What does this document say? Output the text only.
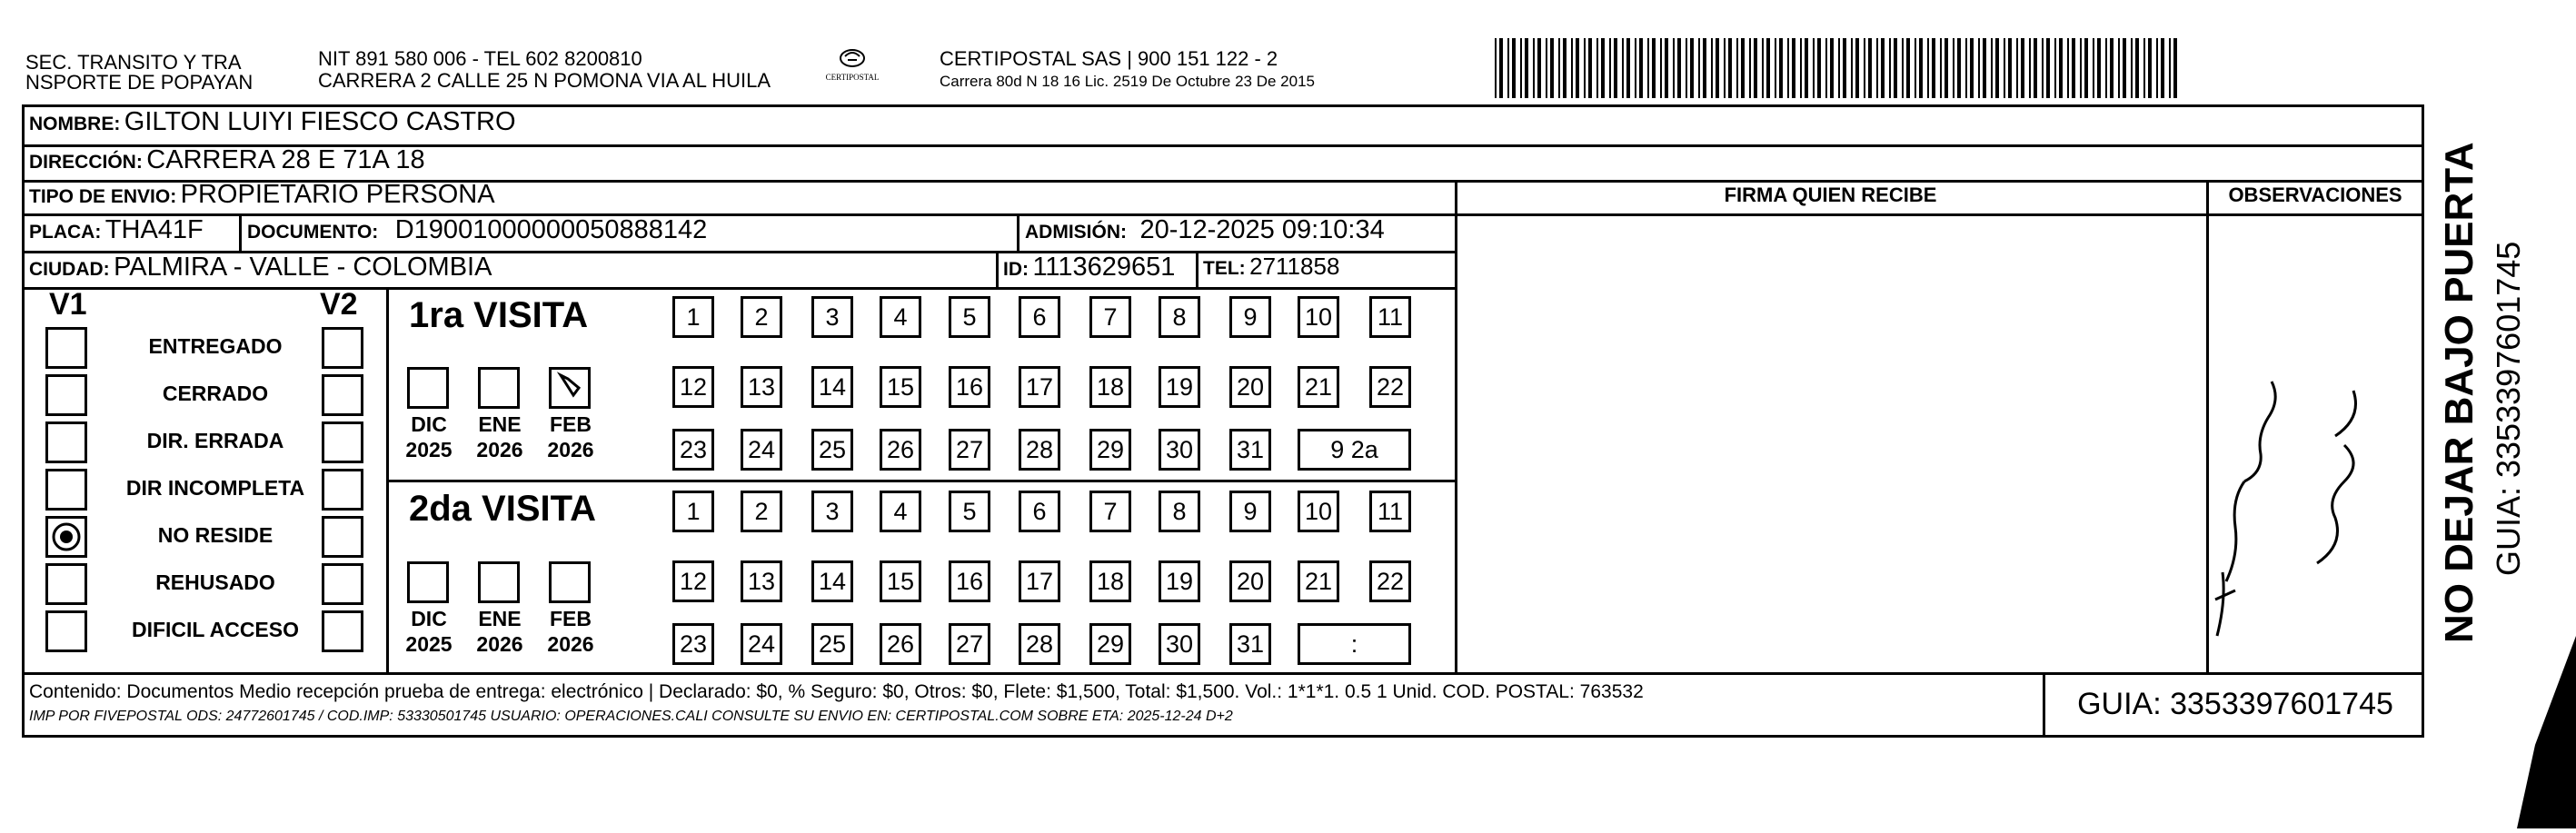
SEC. TRANSITO Y TRA
NSPORTE DE POPAYAN
NIT 891 580 006 - TEL 602 8200810
CARRERA 2 CALLE 25 N POMONA VIA AL HUILA	CERTIPOSTAL
CERTIPOSTAL SAS | 900 151 122 - 2
Carrera 80d N 18 16 Lic. 2519 De Octubre 23 De 2015
NOMBRE: GILTON LUIYI FIESCO CASTRO
DIRECCIÓN: CARRERA 28 E 71A 18
TIPO DE ENVIO: PROPIETARIO PERSONA	FIRMA QUIEN RECIBE	OBSERVACIONES
PLACA: THA41F DOCUMENTO: D19001000000050888142	ADMISIÓN: 20-12-2025 09:10:34
CIUDAD: PALMIRA - VALLE - COLOMBIA	ID: 1113629651 TEL: 2711858
V1	V2
ENTREGADO
CERRADO
DIR. ERRADA
DIR INCOMPLETA
NO RESIDE
REHUSADO
DIFICIL ACCESO
1ra VISITA
2da VISITA
DIC
2025
ENE
2026
FEB
2026
1	2	3	4	5	6	7	8	9	10	11
12 13 14 15 16 17 18 19 20 21 22
23 24 25 26 27 28 29 30 31	9 2a
DIC
2025
ENE
2026
FEB
2026
1	2	3	4	5	6	7	8	9	10	11
12 13 14 15 16 17 18 19 20 21 22
23 24 25 26 27 28 29 30 31	:
Nolo - Uosp
Contenido: Documentos Medio recepción prueba de entrega: electrónico | Declarado: $0, % Seguro: $0, Otros: $0, Flete: $1,500, Total: $1,500. Vol.: 1*1*1. 0.5 1 Unid. COD. POSTAL: 763532
IMP POR FIVEPOSTAL ODS: 24772601745 / COD.IMP: 53330501745 USUARIO: OPERACIONES.CALI CONSULTE SU ENVIO EN: CERTIPOSTAL.COM SOBRE ETA: 2025-12-24 D+2	GUIA: 3353397601745
NO DEJAR BAJO PUERTA GUIA: 3353397601745
